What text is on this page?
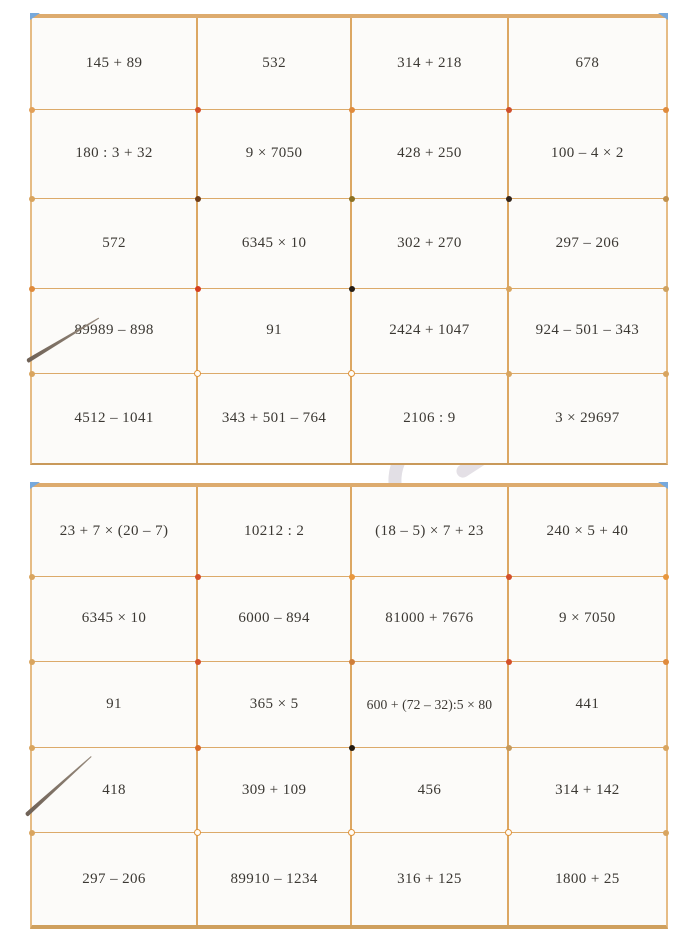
145 + 89	532	314 + 218	678
180 : 3 + 32	9 × 7050	428 + 250	100 – 4 × 2
572	6345 × 10	302 + 270	297 – 206
89989 – 898	91	2424 + 1047	924 – 501 – 343
4512 – 1041	343 + 501 – 764	2106 : 9	3 × 29697
23 + 7 × (20 – 7)	10212 : 2	(18 – 5) × 7 + 23	240 × 5 + 40
6345 × 10	6000 – 894	81000 + 7676	9 × 7050
91	365 × 5	600 + (72 – 32):5 × 80	441
418	309 + 109	456	314 + 142
297 – 206	89910 – 1234	316 + 125	1800 + 25
